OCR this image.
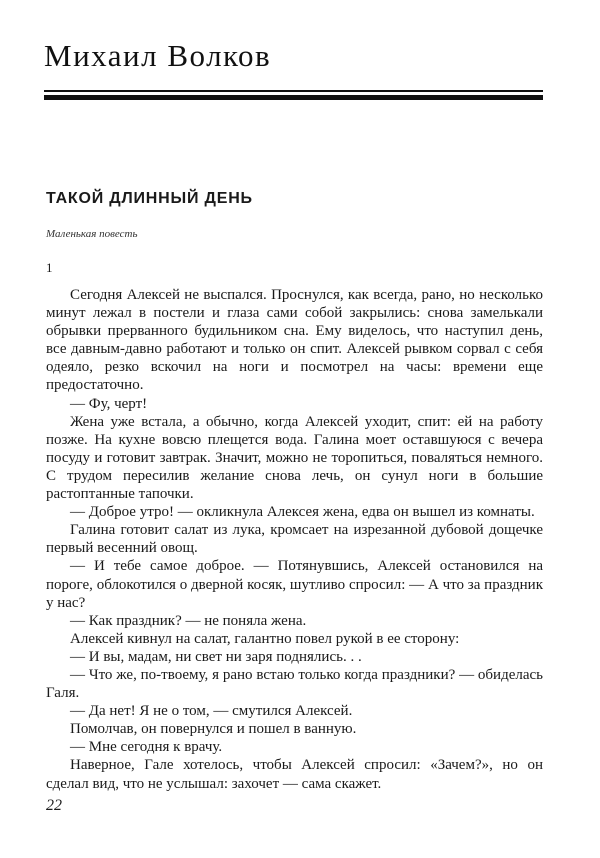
Михаил Волков
ТАКОЙ ДЛИННЫЙ ДЕНЬ
Маленькая повесть
1

Сегодня Алексей не выспался. Проснулся, как всегда, рано, но несколько минут лежал в постели и глаза сами собой закрылись: снова замелькали обрывки прерванного будильником сна. Ему виделось, что наступил день, все давным-давно работают и только он спит. Алексей рывком сорвал с себя одеяло, резко вскочил на ноги и посмотрел на часы: времени еще предостаточно.

— Фу, черт!

Жена уже встала, а обычно, когда Алексей уходит, спит: ей на работу позже. На кухне вовсю плещется вода. Галина моет оставшуюся с вечера посуду и готовит завтрак. Значит, можно не торопиться, поваляться немного. С трудом пересилив желание снова лечь, он сунул ноги в большие растоптанные тапочки.

— Доброе утро! — окликнула Алексея жена, едва он вышел из комнаты.

Галина готовит салат из лука, кромсает на изрезанной дубовой дощечке первый весенний овощ.

— И тебе самое доброе. — Потянувшись, Алексей остановился на пороге, облокотился о дверной косяк, шутливо спросил: — А что за праздник у нас?

— Как праздник? — не поняла жена.

Алексей кивнул на салат, галантно повел рукой в ее сторону:

— И вы, мадам, ни свет ни заря поднялись. . .

— Что же, по-твоему, я рано встаю только когда праздники? — обиделась Галя.

— Да нет! Я не о том, — смутился Алексей.

Помолчав, он повернулся и пошел в ванную.

— Мне сегодня к врачу.

Наверное, Гале хотелось, чтобы Алексей спросил: «Зачем?», но он сделал вид, что не услышал: захочет — сама скажет.

22
